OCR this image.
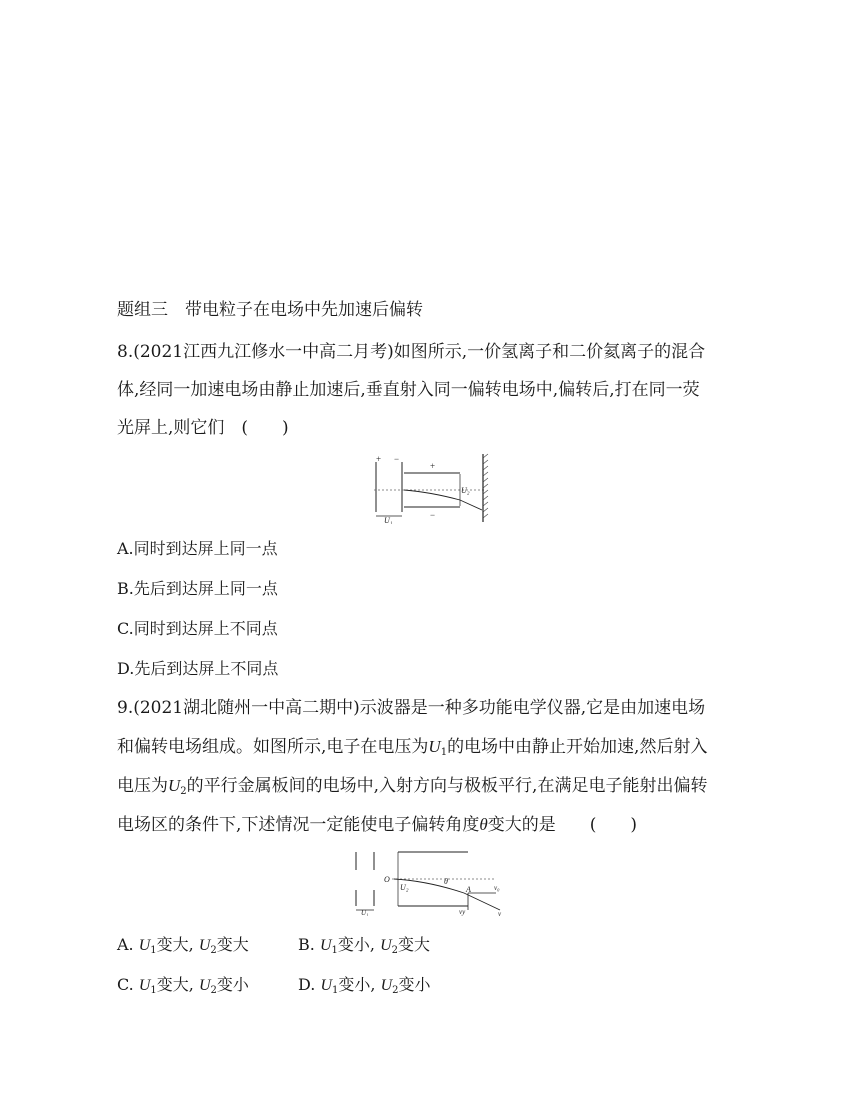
题组三　带电粒子在电场中先加速后偏转
8.(2021江西九江修水一中高二月考)如图所示,一价氢离子和二价氦离子的混合
体,经同一加速电场由静止加速后,垂直射入同一偏转电场中,偏转后,打在同一荧
光屏上,则它们　(　　)
+ −
+
−
U₂
U₁
A.同时到达屏上同一点
B.先后到达屏上同一点
C.同时到达屏上不同点
D.先后到达屏上不同点
9.(2021湖北随州一中高二期中)示波器是一种多功能电学仪器,它是由加速电场
和偏转电场组成。如图所示,电子在电压为$U_1$的电场中由静止开始加速,然后射入
电压为$U_2$的平行金属板间的电场中,入射方向与极板平行,在满足电子能射出偏转
电场区的条件下,下述情况一定能使电子偏转角度θ变大的是　　(　　)
O
U₂
θ
A	v₀
vy	v
U₁
A. $U_1$变大, $U_2$变大	B. $U_1$变小, $U_2$变大
C. $U_1$变大, $U_2$变小	D. $U_1$变小, $U_2$变小
